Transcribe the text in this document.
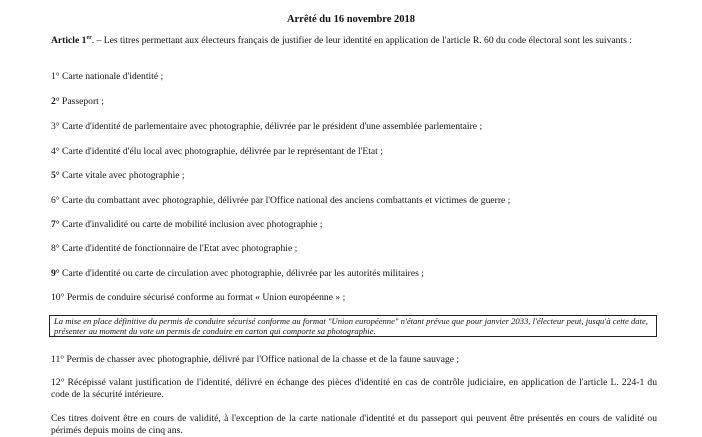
Arrêté du 16 novembre 2018
Article 1er. – Les titres permettant aux électeurs français de justifier de leur identité en application de l'article R. 60 du code électoral sont les suivants :
1° Carte nationale d'identité ;
2° Passeport ;
3° Carte d'identité de parlementaire avec photographie, délivrée par le président d'une assemblée parlementaire ;
4° Carte d'identité d'élu local avec photographie, délivrée par le représentant de l'Etat ;
5° Carte vitale avec photographie ;
6° Carte du combattant avec photographie, délivrée par l'Office national des anciens combattants et victimes de guerre ;
7° Carte d'invalidité ou carte de mobilité inclusion avec photographie ;
8° Carte d'identité de fonctionnaire de l'Etat avec photographie ;
9° Carte d'identité ou carte de circulation avec photographie, délivrée par les autorités militaires ;
10° Permis de conduire sécurisé conforme au format « Union européenne » ;
La mise en place définitive du permis de conduire sécurisé conforme au format "Union européenne" n'étant prévue que pour janvier 2033, l'électeur peut, jusqu'à cette date, présenter au moment du vote un permis de conduire en carton qui comporte sa photographie.
11° Permis de chasser avec photographie, délivré par l'Office national de la chasse et de la faune sauvage ;
12° Récépissé valant justification de l'identité, délivré en échange des pièces d'identité en cas de contrôle judiciaire, en application de l'article L. 224-1 du code de la sécurité intérieure.
Ces titres doivent être en cours de validité, à l'exception de la carte nationale d'identité et du passeport qui peuvent être présentés en cours de validité ou périmés depuis moins de cinq ans.
